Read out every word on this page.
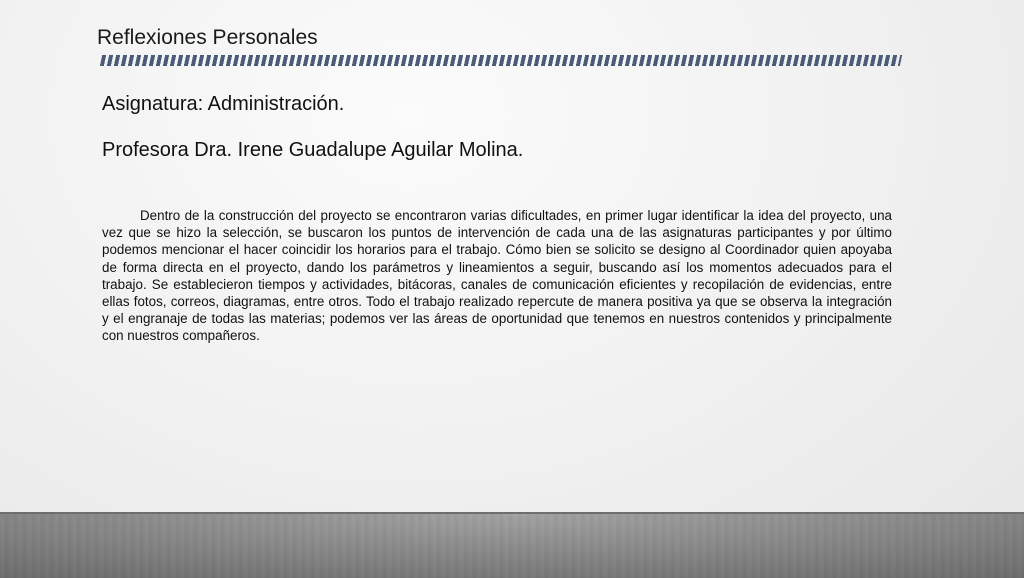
Reflexiones Personales
Asignatura: Administración.
Profesora Dra. Irene Guadalupe Aguilar Molina.

Dentro de la construcción del proyecto se encontraron varias dificultades, en primer lugar identificar la idea del proyecto, una vez que se hizo la selección, se buscaron los puntos de intervención de cada una de las asignaturas participantes y por último podemos mencionar el hacer coincidir los horarios para el trabajo. Cómo bien se solicito se designo al Coordinador quien apoyaba de forma directa en el proyecto, dando los parámetros y lineamientos a seguir, buscando así los momentos adecuados para el trabajo. Se establecieron tiempos y actividades, bitácoras, canales de comunicación eficientes y recopilación de evidencias, entre ellas fotos, correos, diagramas, entre otros. Todo el trabajo realizado repercute de manera positiva ya que se observa la integración y el engranaje de todas las materias; podemos ver las áreas de oportunidad que tenemos en nuestros contenidos y principalmente con nuestros compañeros.
